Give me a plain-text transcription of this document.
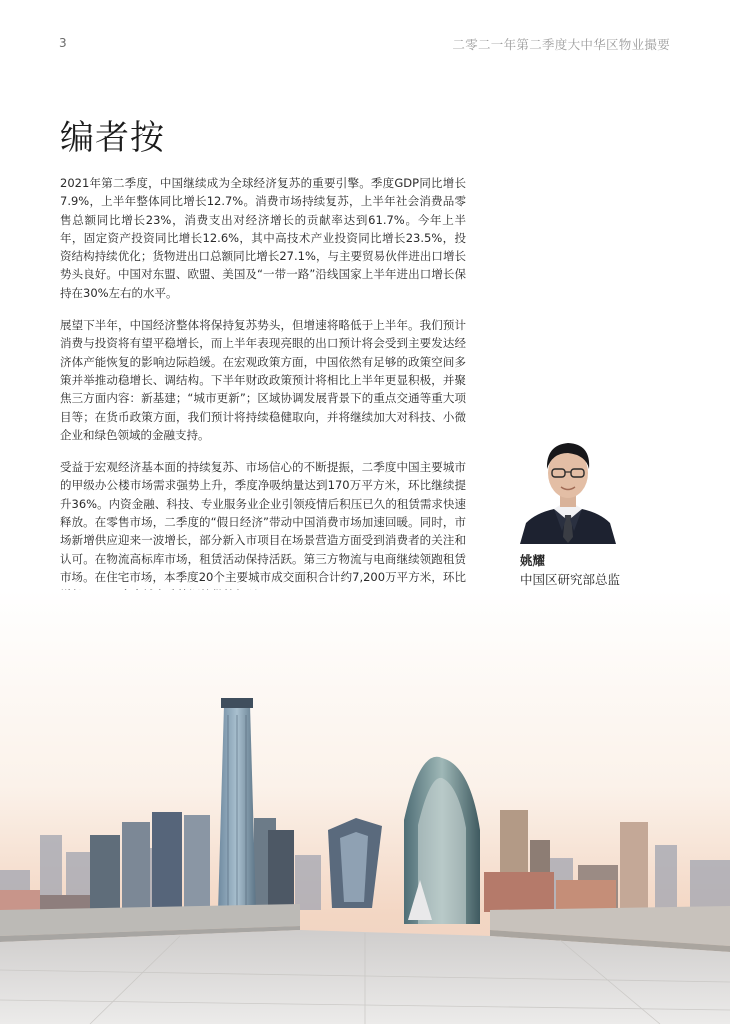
3	二零二一年第二季度大中华区物业撮要
编者按

2021年第二季度，中国继续成为全球经济复苏的重要引擎。季度GDP同比增长7.9%，上半年整体同比增长12.7%。消费市场持续复苏，上半年社会消费品零售总额同比增长23%，消费支出对经济增长的贡献率达到61.7%。今年上半年，固定资产投资同比增长12.6%，其中高技术产业投资同比增长23.5%，投资结构持续优化；货物进出口总额同比增长27.1%，与主要贸易伙伴进出口增长势头良好。中国对东盟、欧盟、美国及“一带一路”沿线国家上半年进出口增长保持在30%左右的水平。

展望下半年，中国经济整体将保持复苏势头，但增速将略低于上半年。我们预计消费与投资将有望平稳增长，而上半年表现亮眼的出口预计将会受到主要发达经济体产能恢复的影响边际趋缓。在宏观政策方面，中国依然有足够的政策空间多策并举推动稳增长、调结构。下半年财政政策预计将相比上半年更显积极，并聚焦三方面内容：新基建；“城市更新”；区域协调发展背景下的重点交通等重大项目等；在货币政策方面，我们预计将持续稳健取向，并将继续加大对科技、小微企业和绿色领域的金融支持。

受益于宏观经济基本面的持续复苏、市场信心的不断提振，二季度中国主要城市的甲级办公楼市场需求强势上升，季度净吸纳量达到170万平方米，环比继续提升36%。内资金融、科技、专业服务业企业引领疫情后积压已久的租赁需求快速释放。在零售市场，二季度的“假日经济”带动中国消费市场加速回暖。同时，市场新增供应迎来一波增长，部分新入市项目在场景营造方面受到消费者的关注和认可。在物流高标库市场，租赁活动保持活跃。第三方物流与电商继续领跑租赁市场。在住宅市场，本季度20个主要城市成交面积合计约7,200万平方米，环比

姚耀
中国区研究部总监
